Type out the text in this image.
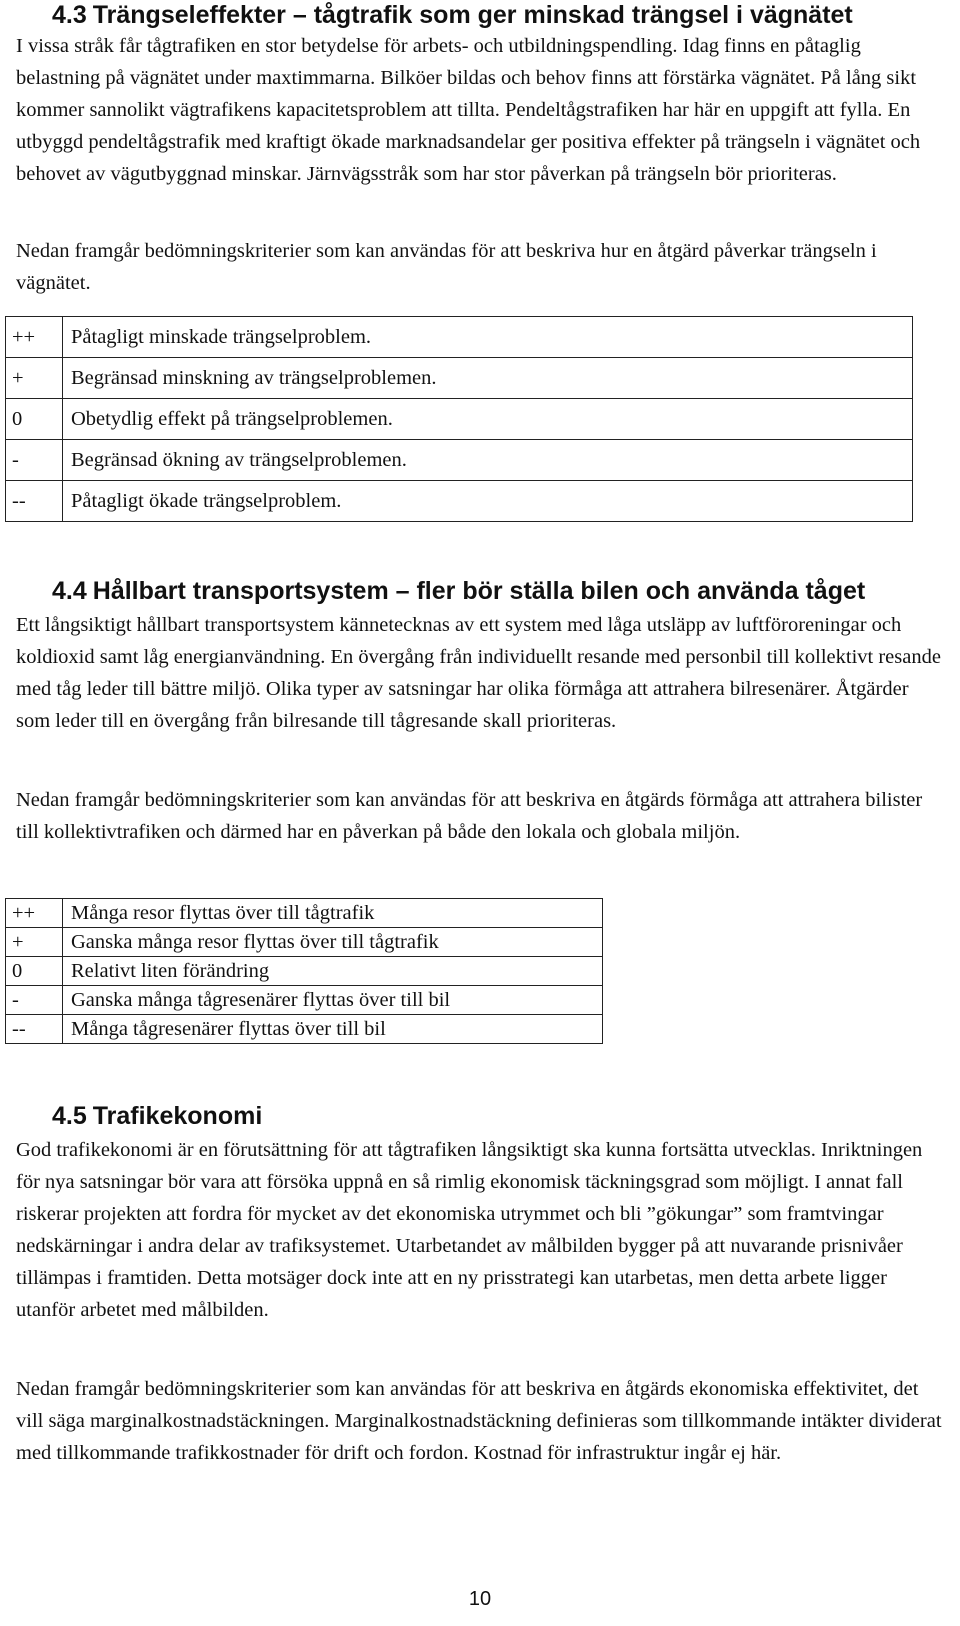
4.3 Trängseleffekter – tågtrafik som ger minskad trängsel i vägnätet

I vissa stråk får tågtrafiken en stor betydelse för arbets- och utbildningspendling. Idag finns en påtaglig belastning på vägnätet under maxtimmarna. Bilköer bildas och behov finns att förstärka vägnätet. På lång sikt kommer sannolikt vägtrafikens kapacitetsproblem att tillta. Pendeltågstrafiken har här en uppgift att fylla. En utbyggd pendeltågstrafik med kraftigt ökade marknadsandelar ger positiva effekter på trängseln i vägnätet och behovet av vägutbyggnad minskar. Järnvägsstråk som har stor påverkan på trängseln bör prioriteras.

Nedan framgår bedömningskriterier som kan användas för att beskriva hur en åtgärd påverkar trängseln i vägnätet.

++	Påtagligt minskade trängselproblem.
+	Begränsad minskning av trängselproblemen.
0	Obetydlig effekt på trängselproblemen.
-	Begränsad ökning av trängselproblemen.
--	Påtagligt ökade trängselproblem.
4.4 Hållbart transportsystem – fler bör ställa bilen och använda tåget

Ett långsiktigt hållbart transportsystem kännetecknas av ett system med låga utsläpp av luftföroreningar och koldioxid samt låg energianvändning. En övergång från individuellt resande med personbil till kollektivt resande med tåg leder till bättre miljö. Olika typer av satsningar har olika förmåga att attrahera bilresenärer. Åtgärder som leder till en övergång från bilresande till tågresande skall prioriteras.

Nedan framgår bedömningskriterier som kan användas för att beskriva en åtgärds förmåga att attrahera bilister till kollektivtrafiken och därmed har en påverkan på både den lokala och globala miljön.

++	Många resor flyttas över till tågtrafik
+	Ganska många resor flyttas över till tågtrafik
0	Relativt liten förändring
-	Ganska många tågresenärer flyttas över till bil
--	Många tågresenärer flyttas över till bil
4.5 Trafikekonomi

God trafikekonomi är en förutsättning för att tågtrafiken långsiktigt ska kunna fortsätta utvecklas. Inriktningen för nya satsningar bör vara att försöka uppnå en så rimlig ekonomisk täckningsgrad som möjligt. I annat fall riskerar projekten att fordra för mycket av det ekonomiska utrymmet och bli ”gökungar” som framtvingar nedskärningar i andra delar av trafiksystemet. Utarbetandet av målbilden bygger på att nuvarande prisnivåer tillämpas i framtiden. Detta motsäger dock inte att en ny prisstrategi kan utarbetas, men detta arbete ligger utanför arbetet med målbilden.

Nedan framgår bedömningskriterier som kan användas för att beskriva en åtgärds ekonomiska effektivitet, det vill säga marginalkostnadstäckningen. Marginalkostnadstäckning definieras som tillkommande intäkter dividerat med tillkommande trafikkostnader för drift och fordon. Kostnad för infrastruktur ingår ej här.

10
